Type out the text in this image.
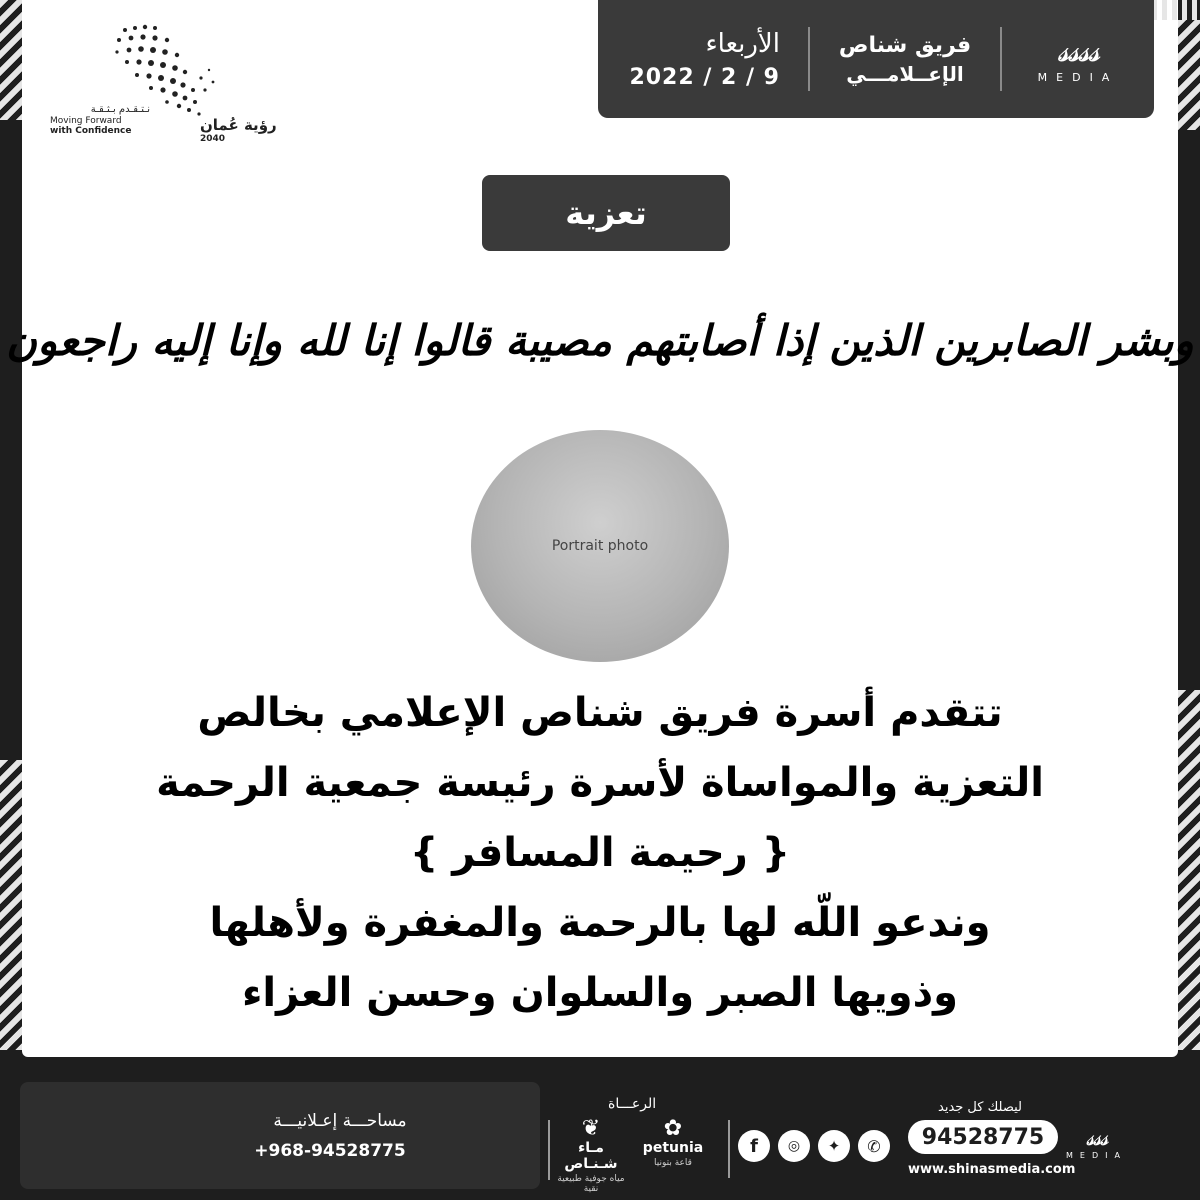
نـتـقـدم بـثـقـة
Moving Forward
with Confidence	رؤية عُمان
2040
الأربعاء
2022 / 2 / 9
فريق شناص
الإعــلامـــي
𝓼𝓼𝓼𝓼
MEDIA
تعزية
وبشر الصابرين الذين إذا أصابتهم مصيبة قالوا إنا لله وإنا إليه راجعون
Portrait photo
تتقدم أسرة فريق شناص الإعلامي بخالص
التعزية والمواساة لأسرة رئيسة جمعية الرحمة
{ رحيمة المسافر }
وندعو اللّه لها بالرحمة والمغفرة ولأهلها
وذويها الصبر والسلوان وحسن العزاء
مساحـــة إعـلانيـــة
+968-94528775
الرعـــاة
❦
مـاء شـنـاص
مياه جوفية طبيعية نقية
✿
petunia
قاعة بتونيا
f	◎	✦	✆
ليصلك كل جديد
94528775
www.shinasmedia.com
𝓼𝓼𝓼
MEDIA
